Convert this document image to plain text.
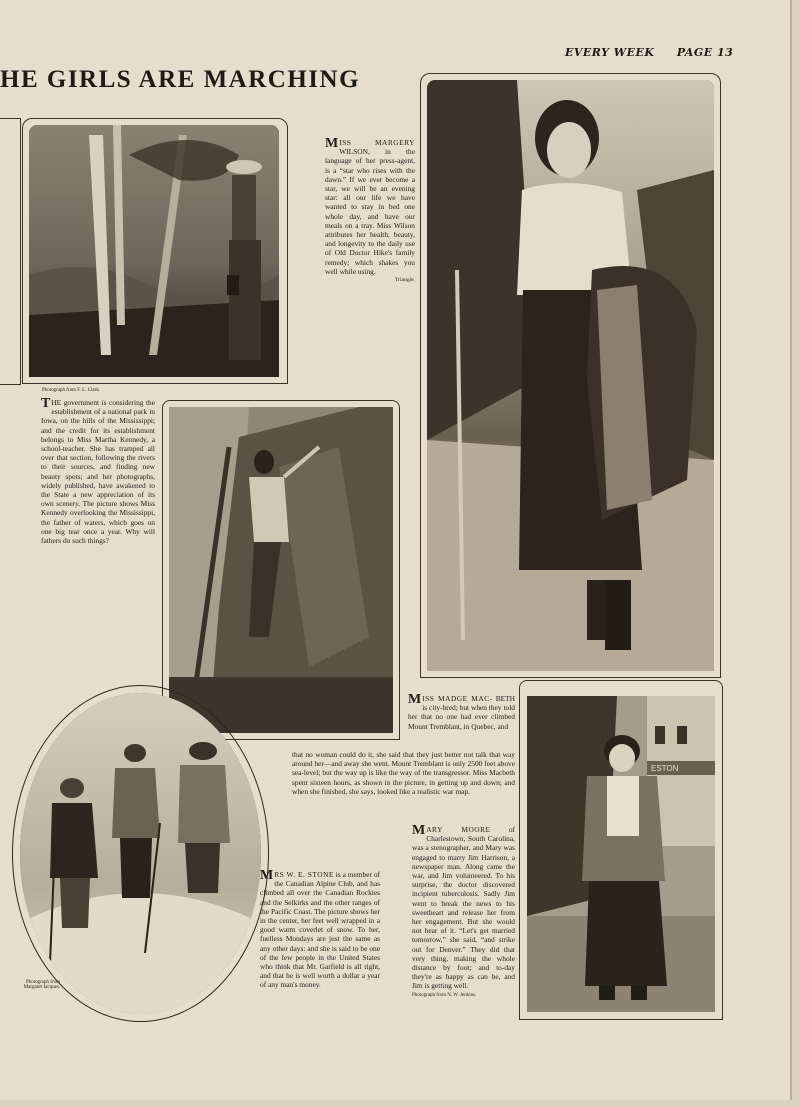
EVERY WEEK PAGE 13
HE GIRLS ARE MARCHING
MISS MARGERY WILSON, in the language of her press-agent, is a “star who rises with the dawn.” If we ever become a star, we will be an evening star: all our life we have wanted to stay in bed one whole day, and have our meals on a tray. Miss Wilson attributes her health, beauty, and longevity to the daily use of Old Doctor Hike's family remedy; which shakes you well while using.
Triangle.
Photograph from F. L. Clark.
THE government is considering the establishment of a national park in Iowa, on the hills of the Mississippi; and the credit for its establishment belongs to Miss Martha Kennedy, a school-teacher. She has tramped all over that section, following the rivers to their sources, and finding new beauty spots; and her photographs, widely published, have awakened to the State a new appreciation of its own scenery. The picture shows Miss Kennedy overlooking the Mississippi, the father of waters, which goes on one big tear once a year. Why will fathers do such things?
MISS MADGE MAC- BETH is city-bred; but when they told her that no one had ever climbed Mount Tremblant, in Quebec, and
that no woman could do it, she said that they just better not talk that way around her—and away she went. Mount Tremblant is only 2500 feet above sea-level; but the way up is like the way of the transgressor. Miss Macbeth spent sixteen hours, as shown in the picture, in getting up and down; and when she finished, she says, looked like a realistic war map.
ESTON
MARY MOORE of Charlestown, South Carolina, was a stenographer, and Mary was engaged to marry Jim Harrison, a newspaper man. Along came the war, and Jim volunteered. To his surprise, the doctor discovered incipient tuberculosis. Sadly Jim went to break the news to his sweetheart and release her from her engagement. But she would not hear of it. “Let's get married tomorrow,” she said, “and strike out for Denver.” They did that very thing, making the whole distance by foot; and to-day they're as happy as can be, and Jim is getting well.
Photograph from N. W. Jenkins.
Photograph from Margaret Jacques.
MRS W. E. STONE is a member of the Canadian Alpine Club, and has climbed all over the Canadian Rockies and the Selkirks and the other ranges of the Pacific Coast. The picture shows her in the center, her feet well wrapped in a good warm coverlet of snow. To her, fuelless Mondays are just the same as any other days: and she is said to be one of the few people in the United States who think that Mr. Garfield is all right, and that he is well worth a dollar a year of any man's money.
